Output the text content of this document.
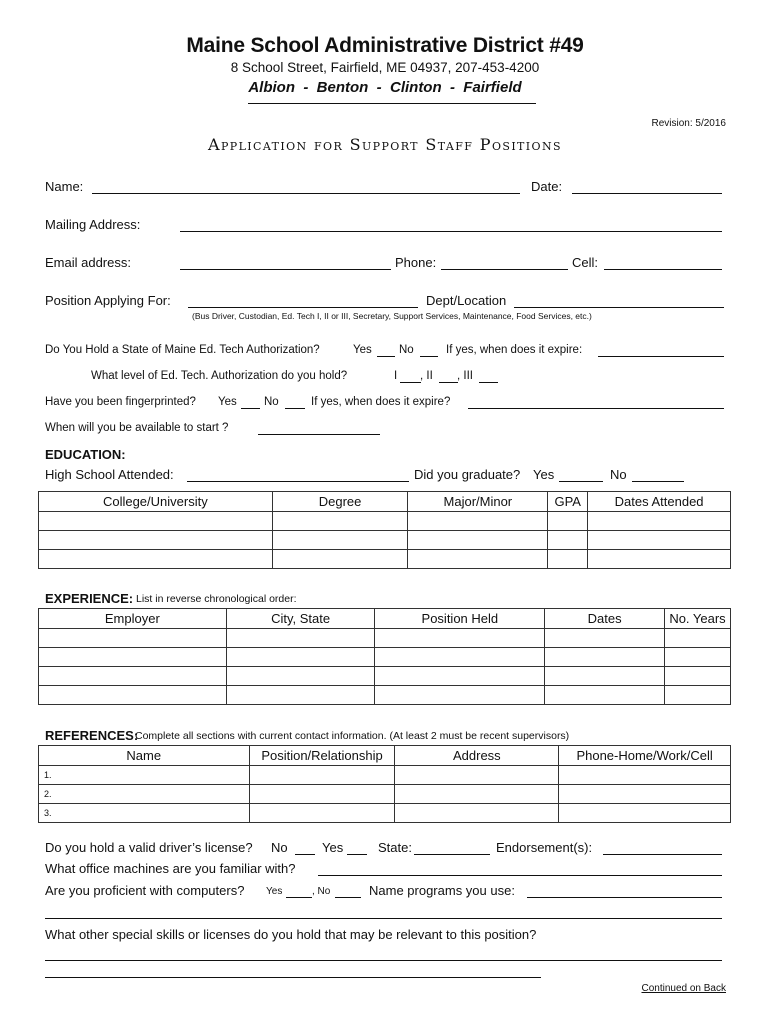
Maine School Administrative District #49
8 School Street, Fairfield, ME 04937, 207-453-4200
Albion  -  Benton  -  Clinton  -  Fairfield
Revision: 5/2016
Application for Support Staff Positions
Name:	Date:
Mailing Address:
Email address:	Phone:	Cell:
Position Applying For:	Dept/Location
(Bus Driver, Custodian, Ed. Tech I, II or III, Secretary, Support Services, Maintenance, Food Services, etc.)
Do You Hold a State of Maine Ed. Tech Authorization?	Yes No	If yes, when does it expire:
What level of Ed. Tech. Authorization do you hold?	I , II , III
Have you been fingerprinted? Yes No	If yes, when does it expire?
When will you be available to start ?
EDUCATION:
High School Attended:	Did you graduate? Yes	No
College/University	Degree	Major/Minor	GPA	Dates Attended

EXPERIENCE: List in reverse chronological order:
Employer	City, State	Position Held	Dates	No. Years

REFERENCES:
Complete all sections with current contact information. (At least 2 must be recent supervisors)
Name	Position/Relationship	Address	Phone-Home/Work/Cell
1.			
2.			
3.			
Do you hold a valid driver’s license? No	Yes	State:	Endorsement(s):
What office machines are you familiar with?
Are you proficient with computers? Yes	, No	Name programs you use:
What other special skills or licenses do you hold that may be relevant to this position?
Continued on Back
